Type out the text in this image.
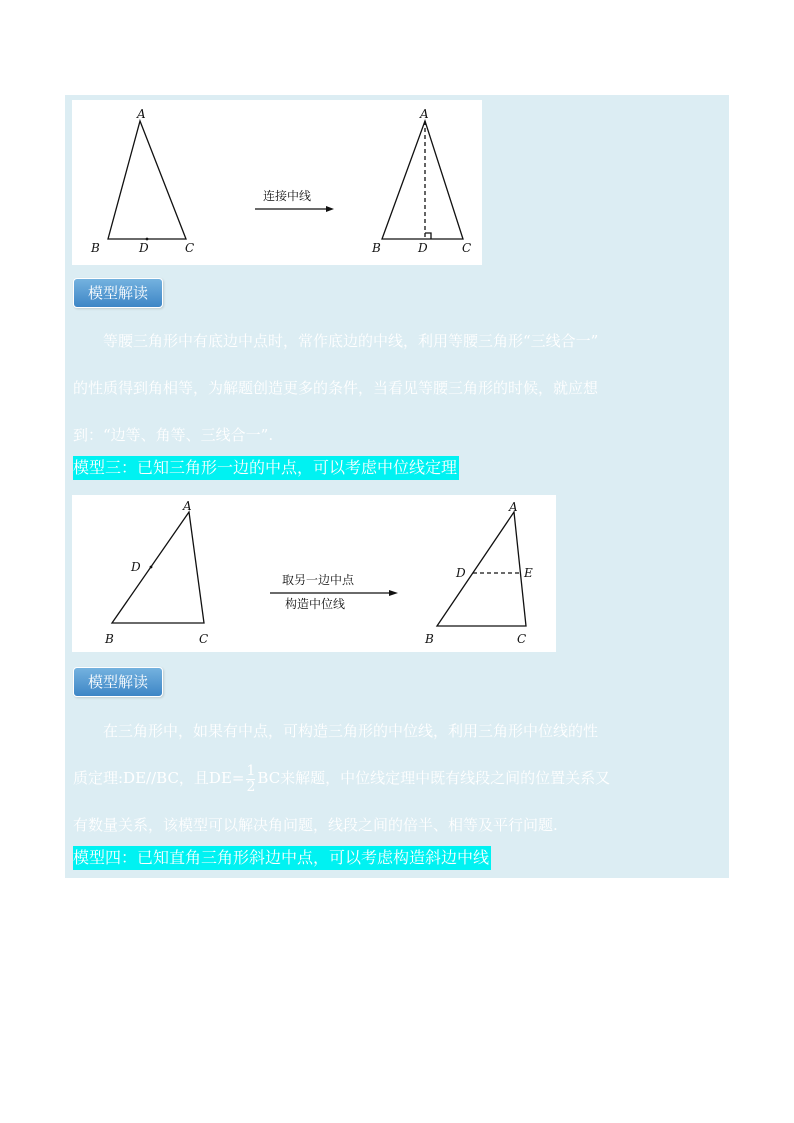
A
B	D	C
连接中线
A
B	D	C
模型解读
等腰三角形中有底边中点时，常作底边的中线，利用等腰三角形“三线合一”
的性质得到角相等，为解题创造更多的条件，当看见等腰三角形的时候，就应想
到：“边等、角等、三线合一”.
模型三：已知三角形一边的中点，可以考虑中位线定理
A
D
B	C
取另一边中点
构造中位线
A
D	E
B	C
模型解读
在三角形中，如果有中点，可构造三角形的中位线，利用三角形中位线的性
质定理:DE//BC，且$DE= \frac{1}{2}$ BC来解题，中位线定理中既有线段之间的位置关系又
有数量关系，该模型可以解决角问题，线段之间的倍半、相等及平行问题.
模型四：已知直角三角形斜边中点，可以考虑构造斜边中线
